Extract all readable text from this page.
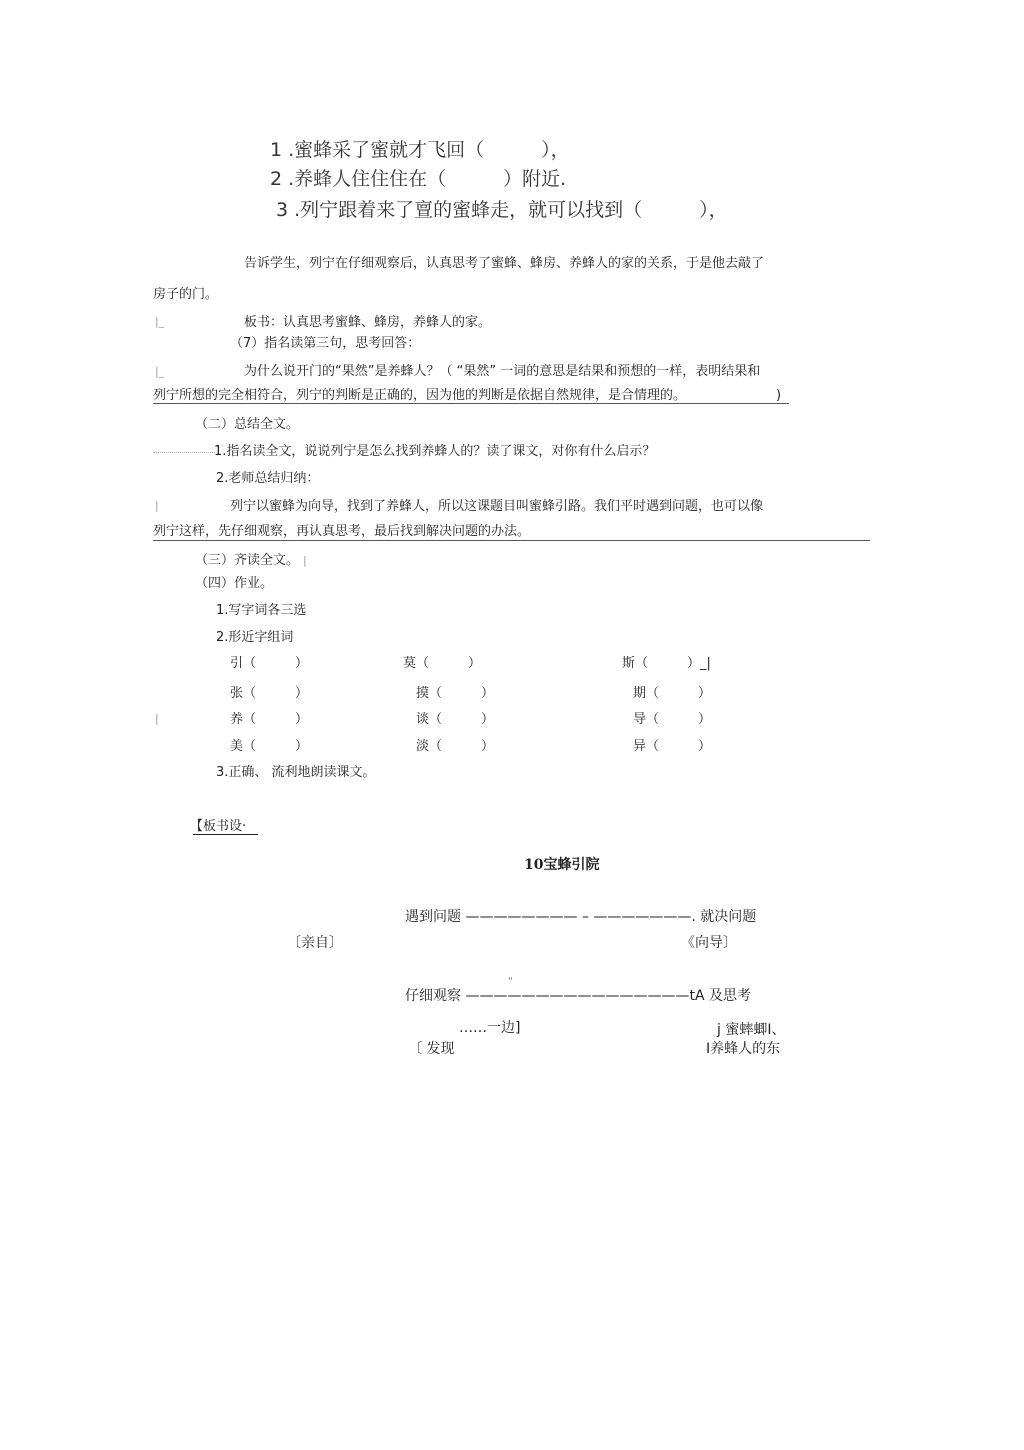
1 .蜜蜂采了蜜就才飞回（　　　），
2 .养蜂人住住住在（　　　）附近.
3 .列宁跟着来了亶的蜜蜂走，就可以找到（　　　），
告诉学生，列宁在仔细观察后，认真思考了蜜蜂、蜂房、养蜂人的家的关系，于是他去敲了
房子的门。
|_	板书：认真思考蜜蜂、蜂房，养蜂人的家。
（7）指名读第三句，思考回答：
|_	为什么说开门的“果然”是养蜂人？（ “果然” 一词的意思是结果和预想的一样，表明结果和
列宁所想的完全相符合，列宁的判断是正确的，因为他的判断是依据自然规律，是合情理的。	)
（二）总结全文。
1.指名读全文，说说列宁是怎么找到养蜂人的？读了课文，对你有什么启示？
2.老师总结归纳：
|	列宁以蜜蜂为向导，找到了养蜂人，所以这课题目叫蜜蜂引路。我们平时遇到问题，也可以像
列宁这样，先仔细观察，再认真思考，最后找到解决问题的办法。
（三）齐读全文。 |
（四）作业。
1.写字词各三选
2.形近字组词
引（　　　）	莫（　　　）	斯（　　　）_|
张（　　　）	摸（　　　）	期（　　　）
|	养（　　　）	谈（　　　）	导（　　　）
美（　　　）	淡（　　　）	异（　　　）
3.正确、 流利地朗读课文。
【板书设·
10宝蜂引院
遇到问题 ———————— – ———————. 就决问题
〔亲自〕	《向导〕
"
仔细观察 ————————————————tA 及思考
……一边]	j 蜜蟀蝍I、
〔 发现	I养蜂人的东
